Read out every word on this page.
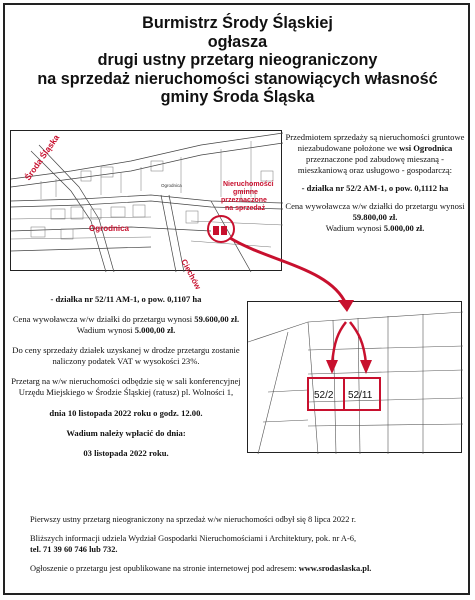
Burmistrz Środy Śląskiej
ogłasza
drugi ustny przetarg nieograniczony
na sprzedaż nieruchomości stanowiących własność
gminy Środa Śląska
Środa Śląska
Ogrodnica
Ogrodnica
Ciechów
Nieruchomości
gminne
przeznaczone
na sprzedaż

Przedmiotem sprzedaży są nieruchomości gruntowe niezabudowane położone we wsi Ogrodnica przeznaczone pod zabudowę mieszaną - mieszkaniową oraz usługowo - gospodarczą:

- działka nr 52/2 AM-1, o pow. 0,1112 ha

Cena wywoławcza w/w działki do przetargu wynosi 59.800,00 zł.

Wadium wynosi 5.000,00 zł.

- działka nr 52/11 AM-1, o pow. 0,1107 ha

Cena wywoławcza w/w działki do przetargu wynosi 59.600,00 zł.

Wadium wynosi 5.000,00 zł.

Do ceny sprzedaży działek uzyskanej w drodze przetargu zostanie naliczony podatek VAT w wysokości 23%.

Przetarg na w/w nieruchomości odbędzie się w sali konferencyjnej Urzędu Miejskiego w Środzie Śląskiej (ratusz) pl. Wolności 1,

dnia 10 listopada 2022 roku o godz. 12.00.

Wadium należy wpłacić do dnia:

03 listopada 2022 roku.

52/2 52/11

Pierwszy ustny przetarg nieograniczony na sprzedaż w/w nieruchomości odbył się 8 lipca 2022 r.

Bliższych informacji udziela Wydział Gospodarki Nieruchomościami i Architektury, pok. nr A-6,

tel. 71 39 60 746 lub 732.

Ogłoszenie o przetargu jest opublikowane na stronie internetowej pod adresem: www.srodaslaska.pl.
